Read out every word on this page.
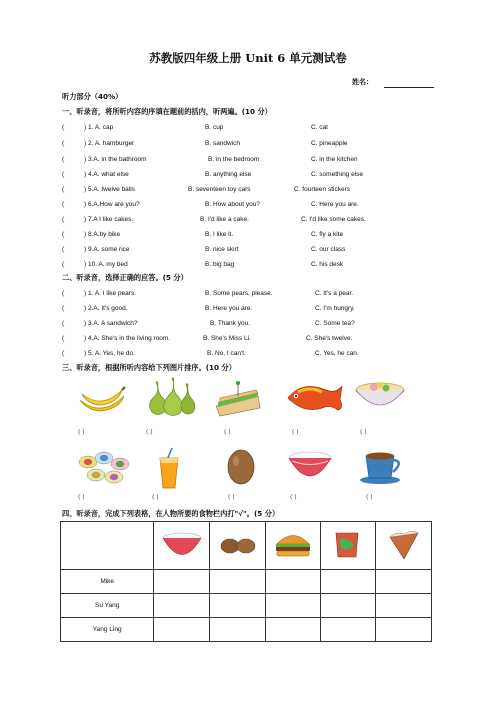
苏教版四年级上册 Unit 6 单元测试卷
姓名：
听力部分（40%）
一、听录音，将所听内容的序填在题前的括内，听两遍。(10 分）
(	) 1. A. cap	B. cup	C. cat
(	) 2. A. hamburger	B. sandwich	C. pineapple
(	) 3.A. in the bathroom	B. in the bedroom	C. in the kitchen
(	) 4.A. what else	B. anything else	C. something else
(	) 5.A. twelve balls	B. seventeen toy cars	C. fourteen stickers
(	) 6.A.How are you?	B. How about you?	C. Here you are.
(	) 7.A I like cakes.	B. I'd like a cake.	C. I'd like some cakes.
(	) 8.A.by bike	B. I like it.	C. fly a kite
(	) 9.A. some rice	B. nice skirt	C. our class
(	) 10. A. my bed	B. big bag	C. his desk
二、听录音，选择正确的应答。(5 分）
(	) 1. A. I like pears.	B. Some pears, please.	C. It's a pear.
(	) 2.A. It's good.	B. Here you are.	C. I'm hungry.
(	) 3.A. A sandwich?	B. Thank you.	C. Some tea?
(	) 4.A. She's in the living room.	B. She's Miss Li.	C. She's twelve.
(	) 5. A. Yes, he do.	B. No, I can't.	C. Yes, he can.
三、听录音，根据所听内容给下列图片排序。(10 分）
( )	( )	( )	( )	( )
( )	( )	( )	( )	( )
四、听录音，完成下列表格，在人物所要的食物栏内打"√"。(5 分）

Mike					
Su Yang					
Yang Ling					
